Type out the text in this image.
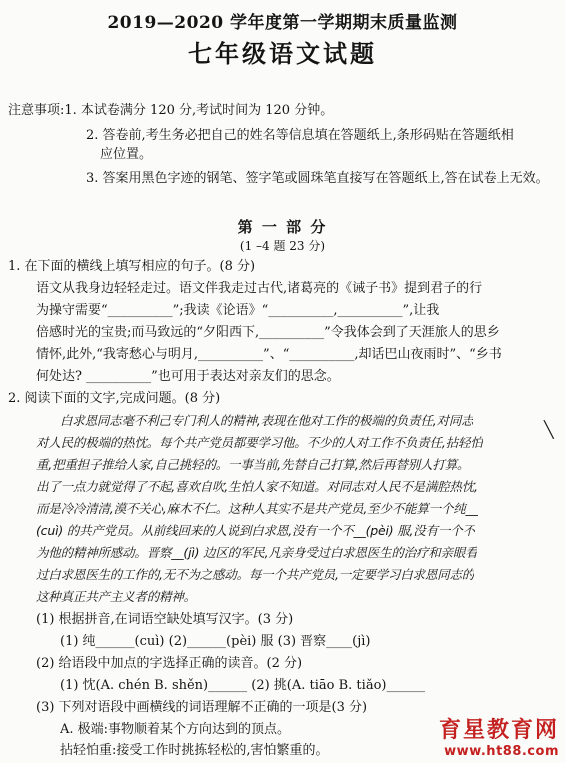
2019—2020 学年度第一学期期末质量监测
七年级语文试题
注意事项:1. 本试卷满分 120 分,考试时间为 120 分钟。
2. 答卷前,考生务必把自己的姓名等信息填在答题纸上,条形码贴在答题纸相
应位置。
3. 答案用黑色字迹的钢笔、签字笔或圆珠笔直接写在答题纸上,答在试卷上无效。
第 一 部 分
(1 –4 题 23 分)
1. 在下面的横线上填写相应的句子。(8 分)
语文从我身边轻轻走过。语文伴我走过古代,诸葛亮的《诫子书》提到君子的行
为操守需要“__________”;我读《论语》“__________,__________”,让我
倍感时光的宝贵;而马致远的“夕阳西下,__________”令我体会到了天涯旅人的思乡
情怀,此外,“我寄愁心与明月,__________”、“__________,却话巴山夜雨时”、“乡书
何处达? __________”也可用于表达对亲友们的思念。
2. 阅读下面的文字,完成问题。(8 分)
白求恩同志毫不利己专门利人的精神,表现在他对工作的极端的负责任,对同志
对人民的极端的热忱。每个共产党员都要学习他。不少的人对工作不负责任,拈轻怕
重,把重担子推给人家,自己挑轻的。一事当前,先替自己打算,然后再替别人打算。
出了一点力就觉得了不起,喜欢自吹,生怕人家不知道。对同志对人民不是满腔热忱,
而是冷冷清清,漠不关心,麻木不仁。这种人其实不是共产党员,至少不能算一个纯__
(cuì) 的共产党员。从前线回来的人说到白求恩,没有一个不__(pèi) 服,没有一个不
为他的精神所感动。晋察__(jì) 边区的军民,凡亲身受过白求恩医生的治疗和亲眼看
过白求恩医生的工作的,无不为之感动。每一个共产党员,一定要学习白求恩同志的
这种真正共产主义者的精神。
(1) 根据拼音,在词语空缺处填写汉字。(3 分)
(1) 纯______(cuì) (2)______(pèi) 服 (3) 晋察____(jì)
(2) 给语段中加点的字选择正确的读音。(2 分)
(1) 忱(A. chén B. shěn)______ (2) 挑(A. tiāo B. tiǎo)______
(3) 下列对语段中画横线的词语理解不正确的一项是(3 分)
A. 极端:事物顺着某个方向达到的顶点。
拈轻怕重:接受工作时挑拣轻松的,害怕繁重的。
╲
育星教育网
www.ht88.com
